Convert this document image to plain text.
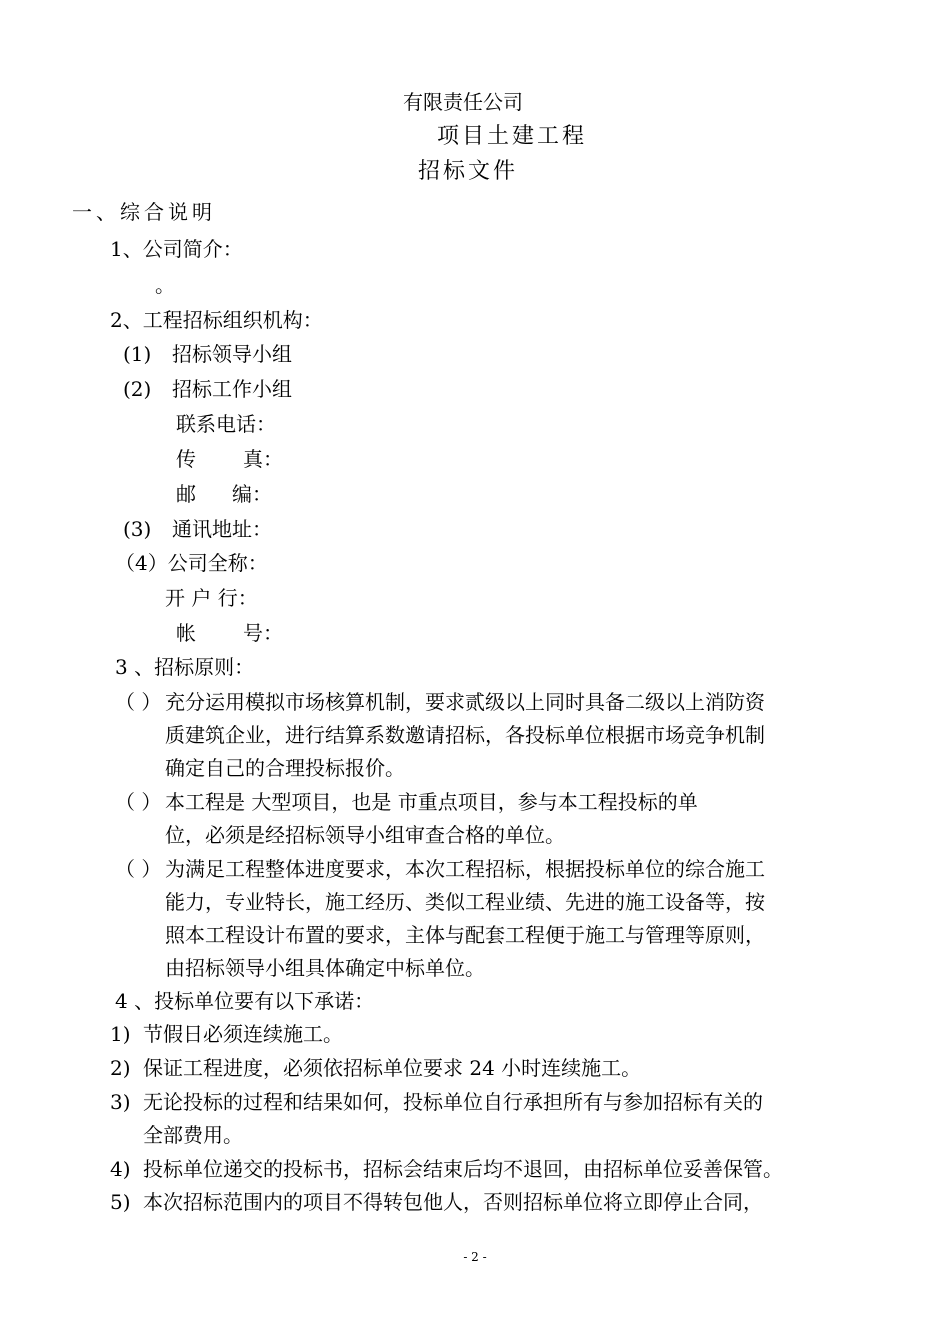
有限责任公司

项目土建工程

招标文件

一、综合说明

1、公司简介：

。

2、工程招标组织机构：

(1) 招标领导小组

(2) 招标工作小组

联系电话：

传 真：

邮 编：

(3) 通讯地址：

（4）公司全称：

开 户 行：

帐 号：

3 、招标原则：

（ ） 充分运用模拟市场核算机制，要求贰级以上同时具备二级以上消防资

质建筑企业，进行结算系数邀请招标，各投标单位根据市场竞争机制

确定自己的合理投标报价。

（ ） 本工程是 大型项目，也是 市重点项目，参与本工程投标的单

位，必须是经招标领导小组审查合格的单位。

（ ） 为满足工程整体进度要求，本次工程招标，根据投标单位的综合施工

能力，专业特长，施工经历、类似工程业绩、先进的施工设备等，按

照本工程设计布置的要求，主体与配套工程便于施工与管理等原则，

由招标领导小组具体确定中标单位。

4 、投标单位要有以下承诺：

1) 节假日必须连续施工。

2) 保证工程进度，必须依招标单位要求 24 小时连续施工。

3) 无论投标的过程和结果如何，投标单位自行承担所有与参加招标有关的

全部费用。

4) 投标单位递交的投标书，招标会结束后均不退回，由招标单位妥善保管。

5) 本次招标范围内的项目不得转包他人，否则招标单位将立即停止合同，

- 2 -
